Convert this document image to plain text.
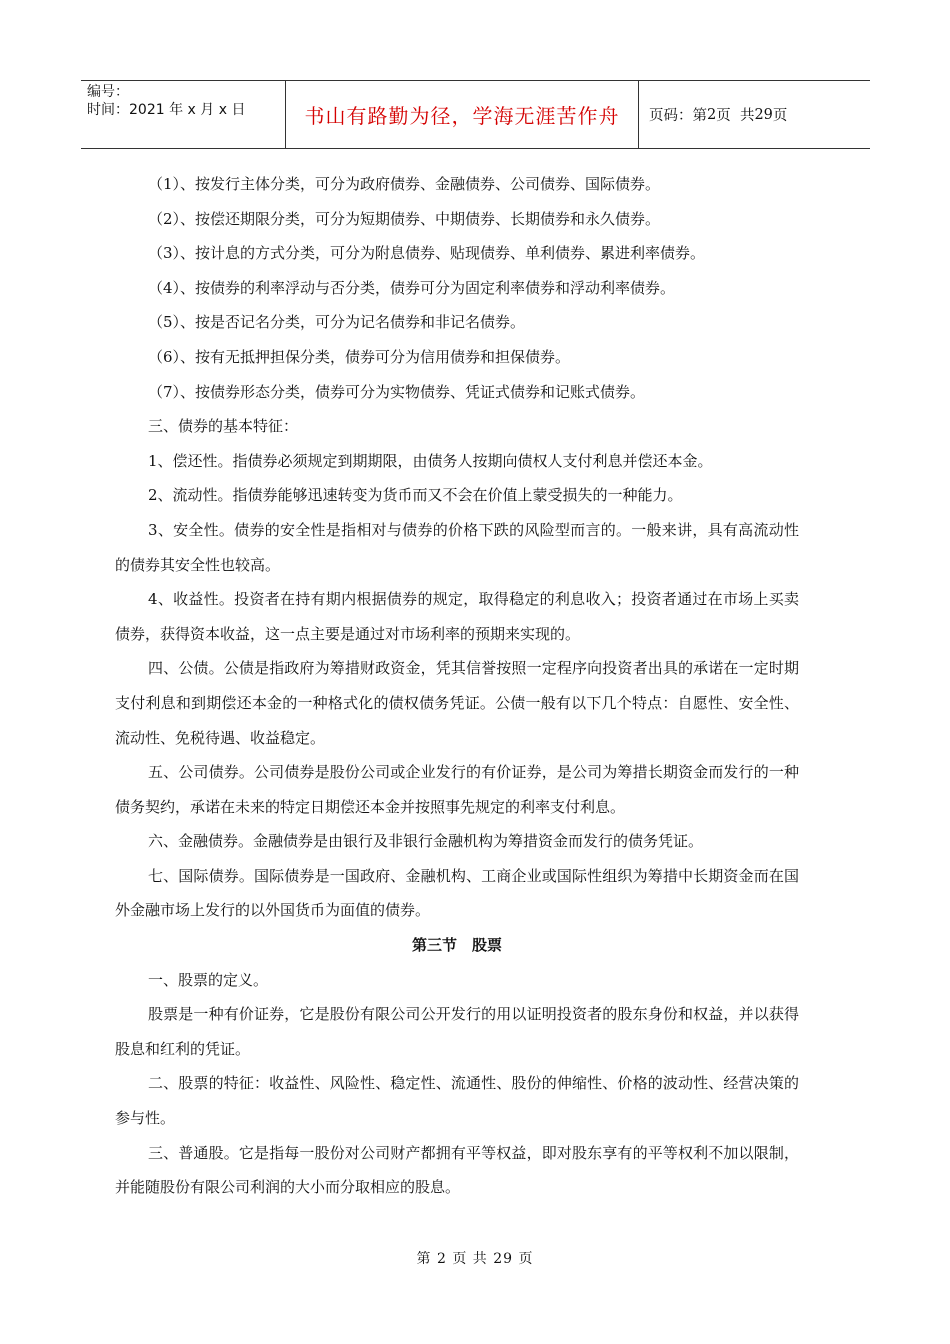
编号：
时间：2021 年 x 月 x 日	书山有路勤为径，学海无涯苦作舟	页码：第 2 页  共 29 页

（1）、按发行主体分类，可分为政府债券、金融债券、公司债券、国际债券。

（2）、按偿还期限分类，可分为短期债券、中期债券、长期债券和永久债券。

（3）、按计息的方式分类，可分为附息债券、贴现债券、单利债券、累进利率债券。

（4）、按债券的利率浮动与否分类，债券可分为固定利率债券和浮动利率债券。

（5）、按是否记名分类，可分为记名债券和非记名债券。

（6）、按有无抵押担保分类，债券可分为信用债券和担保债券。

（7）、按债券形态分类，债券可分为实物债券、凭证式债券和记账式债券。

三、债券的基本特征：

1、偿还性。指债券必须规定到期期限，由债务人按期向债权人支付利息并偿还本金。

2、流动性。指债券能够迅速转变为货币而又不会在价值上蒙受损失的一种能力。

3、安全性。债券的安全性是指相对与债券的价格下跌的风险型而言的。一般来讲，具有高流动性的债券其安全性也较高。

4、收益性。投资者在持有期内根据债券的规定，取得稳定的利息收入；投资者通过在市场上买卖债券，获得资本收益，这一点主要是通过对市场利率的预期来实现的。

四、公债。公债是指政府为筹措财政资金，凭其信誉按照一定程序向投资者出具的承诺在一定时期支付利息和到期偿还本金的一种格式化的债权债务凭证。公债一般有以下几个特点：自愿性、安全性、流动性、免税待遇、收益稳定。

五、公司债券。公司债券是股份公司或企业发行的有价证券，是公司为筹措长期资金而发行的一种债务契约，承诺在未来的特定日期偿还本金并按照事先规定的利率支付利息。

六、金融债券。金融债券是由银行及非银行金融机构为筹措资金而发行的债务凭证。

七、国际债券。国际债券是一国政府、金融机构、工商企业或国际性组织为筹措中长期资金而在国外金融市场上发行的以外国货币为面值的债券。

第三节　股票

一、股票的定义。

股票是一种有价证券，它是股份有限公司公开发行的用以证明投资者的股东身份和权益，并以获得股息和红利的凭证。

二、股票的特征：收益性、风险性、稳定性、流通性、股份的伸缩性、价格的波动性、经营决策的参与性。

三、普通股。它是指每一股份对公司财产都拥有平等权益，即对股东享有的平等权利不加以限制，并能随股份有限公司利润的大小而分取相应的股息。

第 2 页 共 29 页
